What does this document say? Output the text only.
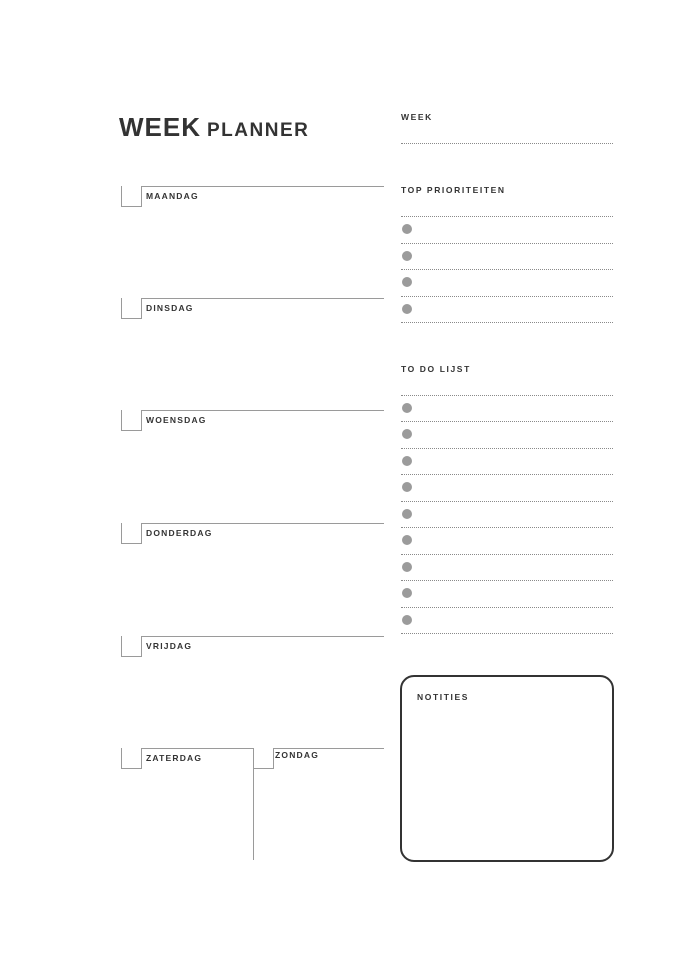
WEEK PLANNER
MAANDAG
DINSDAG
WOENSDAG
DONDERDAG
VRIJDAG
ZATERDAG	ZONDAG
WEEK
TOP PRIORITEITEN
TO DO LIJST
NOTITIES
